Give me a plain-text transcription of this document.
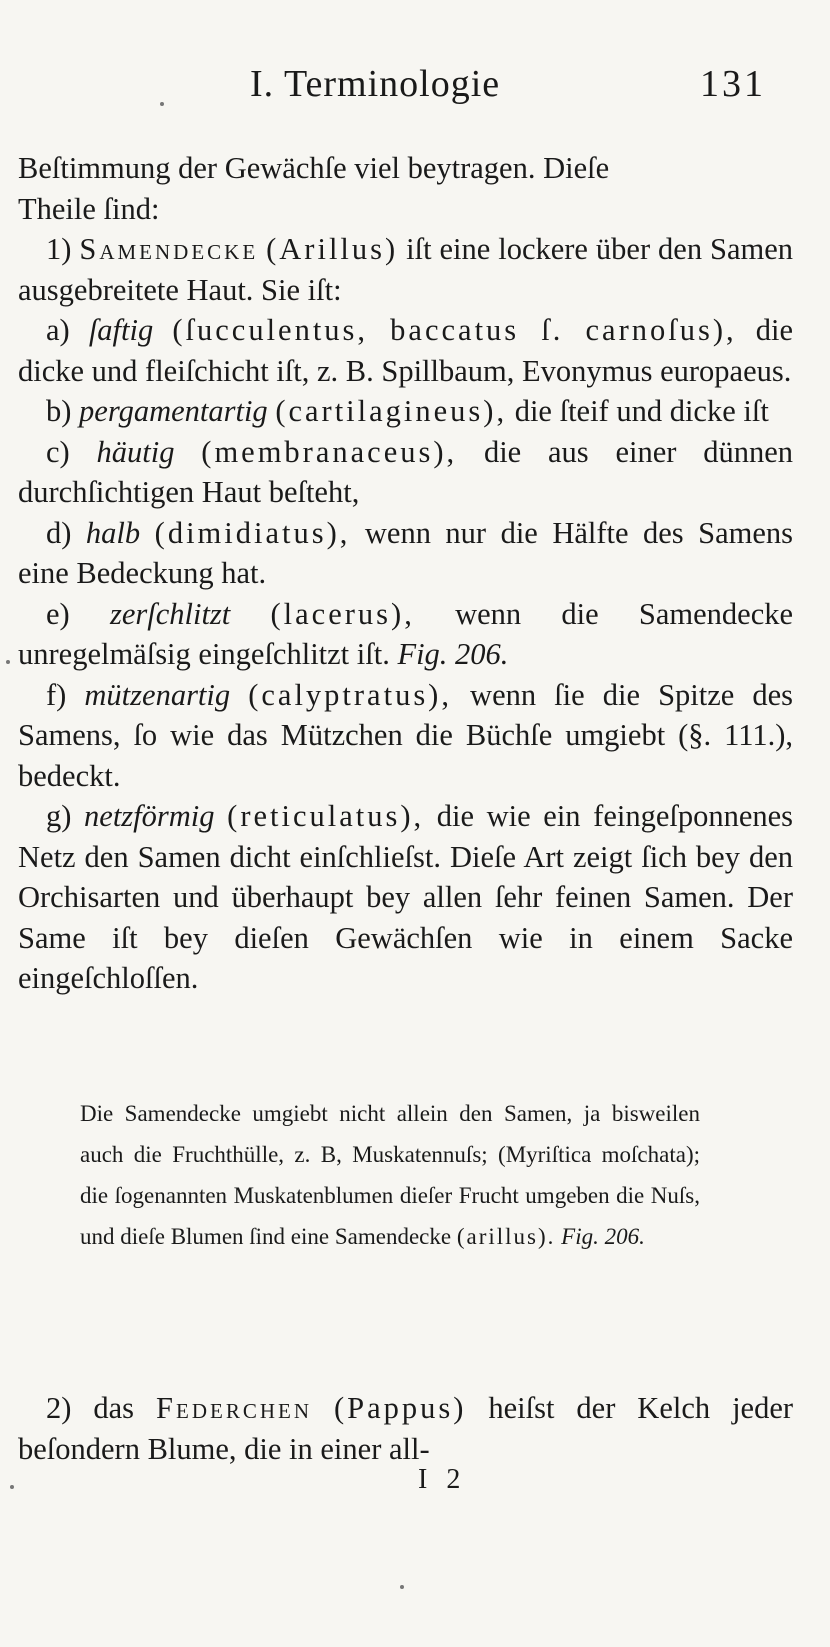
I. Terminologie	131

Beſtimmung der Gewächſe viel beytragen. Dieſe
Theile ſind:

1) Samendecke (Arillus) iſt eine lockere über den Samen ausgebreitete Haut. Sie iſt:

a) ſaftig (ſucculentus, baccatus ſ. carnoſus), die dicke und fleiſchicht iſt, z. B. Spillbaum, Evonymus europaeus.

b) pergamentartig (cartilagineus), die ſteif und dicke iſt

c) häutig (membranaceus), die aus einer dünnen durchſichtigen Haut beſteht,

d) halb (dimidiatus), wenn nur die Hälfte des Samens eine Bedeckung hat.

e) zerſchlitzt (lacerus), wenn die Samendecke unregelmäſsig eingeſchlitzt iſt. Fig. 206.

f) mützenartig (calyptratus), wenn ſie die Spitze des Samens, ſo wie das Mützchen die Büchſe umgiebt (§. 111.), bedeckt.

g) netzförmig (reticulatus), die wie ein feingeſponnenes Netz den Samen dicht einſchlieſst. Dieſe Art zeigt ſich bey den Orchisarten und überhaupt bey allen ſehr feinen Samen. Der Same iſt bey dieſen Gewächſen wie in einem Sacke eingeſchloſſen.

Die Samendecke umgiebt nicht allein den Samen, ja bisweilen auch die Fruchthülle, z. B, Muskatennuſs; (Myriſtica moſchata); die ſogenannten Muskatenblumen dieſer Frucht umgeben die Nuſs, und dieſe Blumen ſind eine Samendecke (arillus). Fig. 206.

2) das Federchen (Pappus) heiſst der Kelch jeder beſondern Blume, die in einer all-

I 2
